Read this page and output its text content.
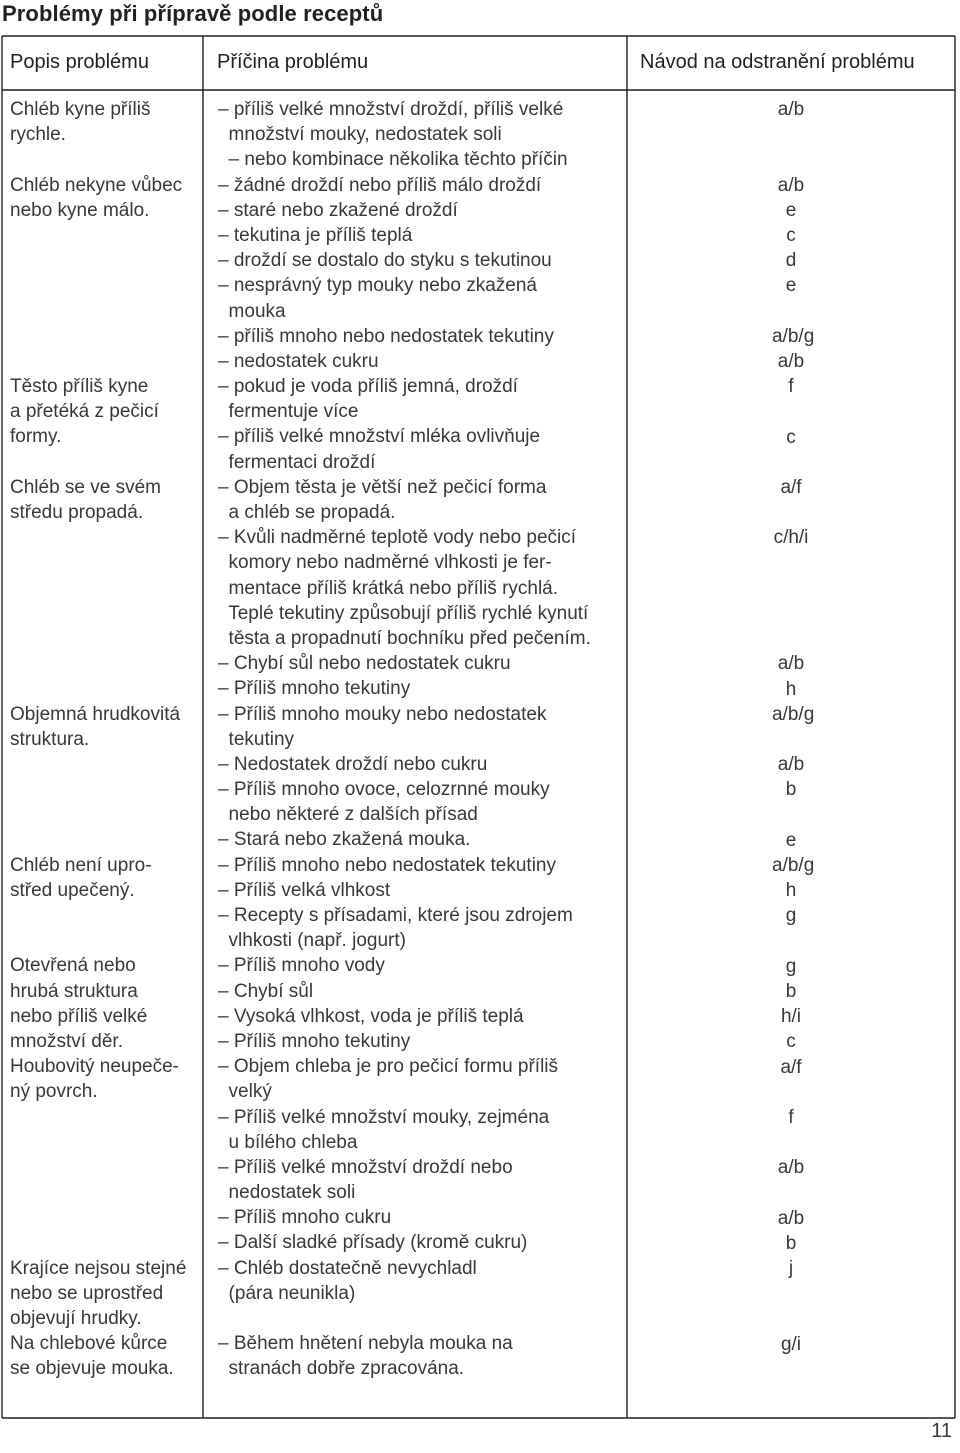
Problémy při přípravě podle receptů
Popis problému	Příčina problému	Návod na odstranění problému
Chléb kyne příliš
rychle.
Chléb nekyne vůbec
nebo kyne málo.
Těsto příliš kyne
a přetéká z pečicí
formy.
Chléb se ve svém
středu propadá.
Objemná hrudkovitá
struktura.
Chléb není upro-
střed upečený.
Otevřená nebo
hrubá struktura
nebo příliš velké
množství děr.
Houbovitý neupeče-
ný povrch.
Krajíce nejsou stejné
nebo se uprostřed
objevují hrudky.
Na chlebové kůrce
se objevuje mouka.
– příliš velké množství droždí, příliš velké
množství mouky, nedostatek soli
– nebo kombinace několika těchto příčin
– žádné droždí nebo příliš málo droždí
– staré nebo zkažené droždí
– tekutina je příliš teplá
– droždí se dostalo do styku s tekutinou
– nesprávný typ mouky nebo zkažená
mouka
– příliš mnoho nebo nedostatek tekutiny
– nedostatek cukru
– pokud je voda příliš jemná, droždí
fermentuje více
– příliš velké množství mléka ovlivňuje
fermentaci droždí
– Objem těsta je větší než pečicí forma
a chléb se propadá.
– Kvůli nadměrné teplotě vody nebo pečicí
komory nebo nadměrné vlhkosti je fer-
mentace příliš krátká nebo příliš rychlá.
Teplé tekutiny způsobují příliš rychlé kynutí
těsta a propadnutí bochníku před pečením.
– Chybí sůl nebo nedostatek cukru
– Příliš mnoho tekutiny
– Příliš mnoho mouky nebo nedostatek
tekutiny
– Nedostatek droždí nebo cukru
– Příliš mnoho ovoce, celozrnné mouky
nebo některé z dalších přísad
– Stará nebo zkažená mouka.
– Příliš mnoho nebo nedostatek tekutiny
– Příliš velká vlhkost
– Recepty s přísadami, které jsou zdrojem
vlhkosti (např. jogurt)
– Příliš mnoho vody
– Chybí sůl
– Vysoká vlhkost, voda je příliš teplá
– Příliš mnoho tekutiny
– Objem chleba je pro pečicí formu příliš
velký
– Příliš velké množství mouky, zejména
u bílého chleba
– Příliš velké množství droždí nebo
nedostatek soli
– Příliš mnoho cukru
– Další sladké přísady (kromě cukru)
– Chléb dostatečně nevychladl
(pára neunikla)
– Během hnětení nebyla mouka na
stranách dobře zpracována.
a/b
a/b
e
c
d
e
a/b/g
a/b
f
c
a/f
c/h/i
a/b
h
a/b/g
a/b
b
e
a/b/g
h
g
g
b
h/i
c
a/f
f
a/b
a/b
b
j
g/i
11
